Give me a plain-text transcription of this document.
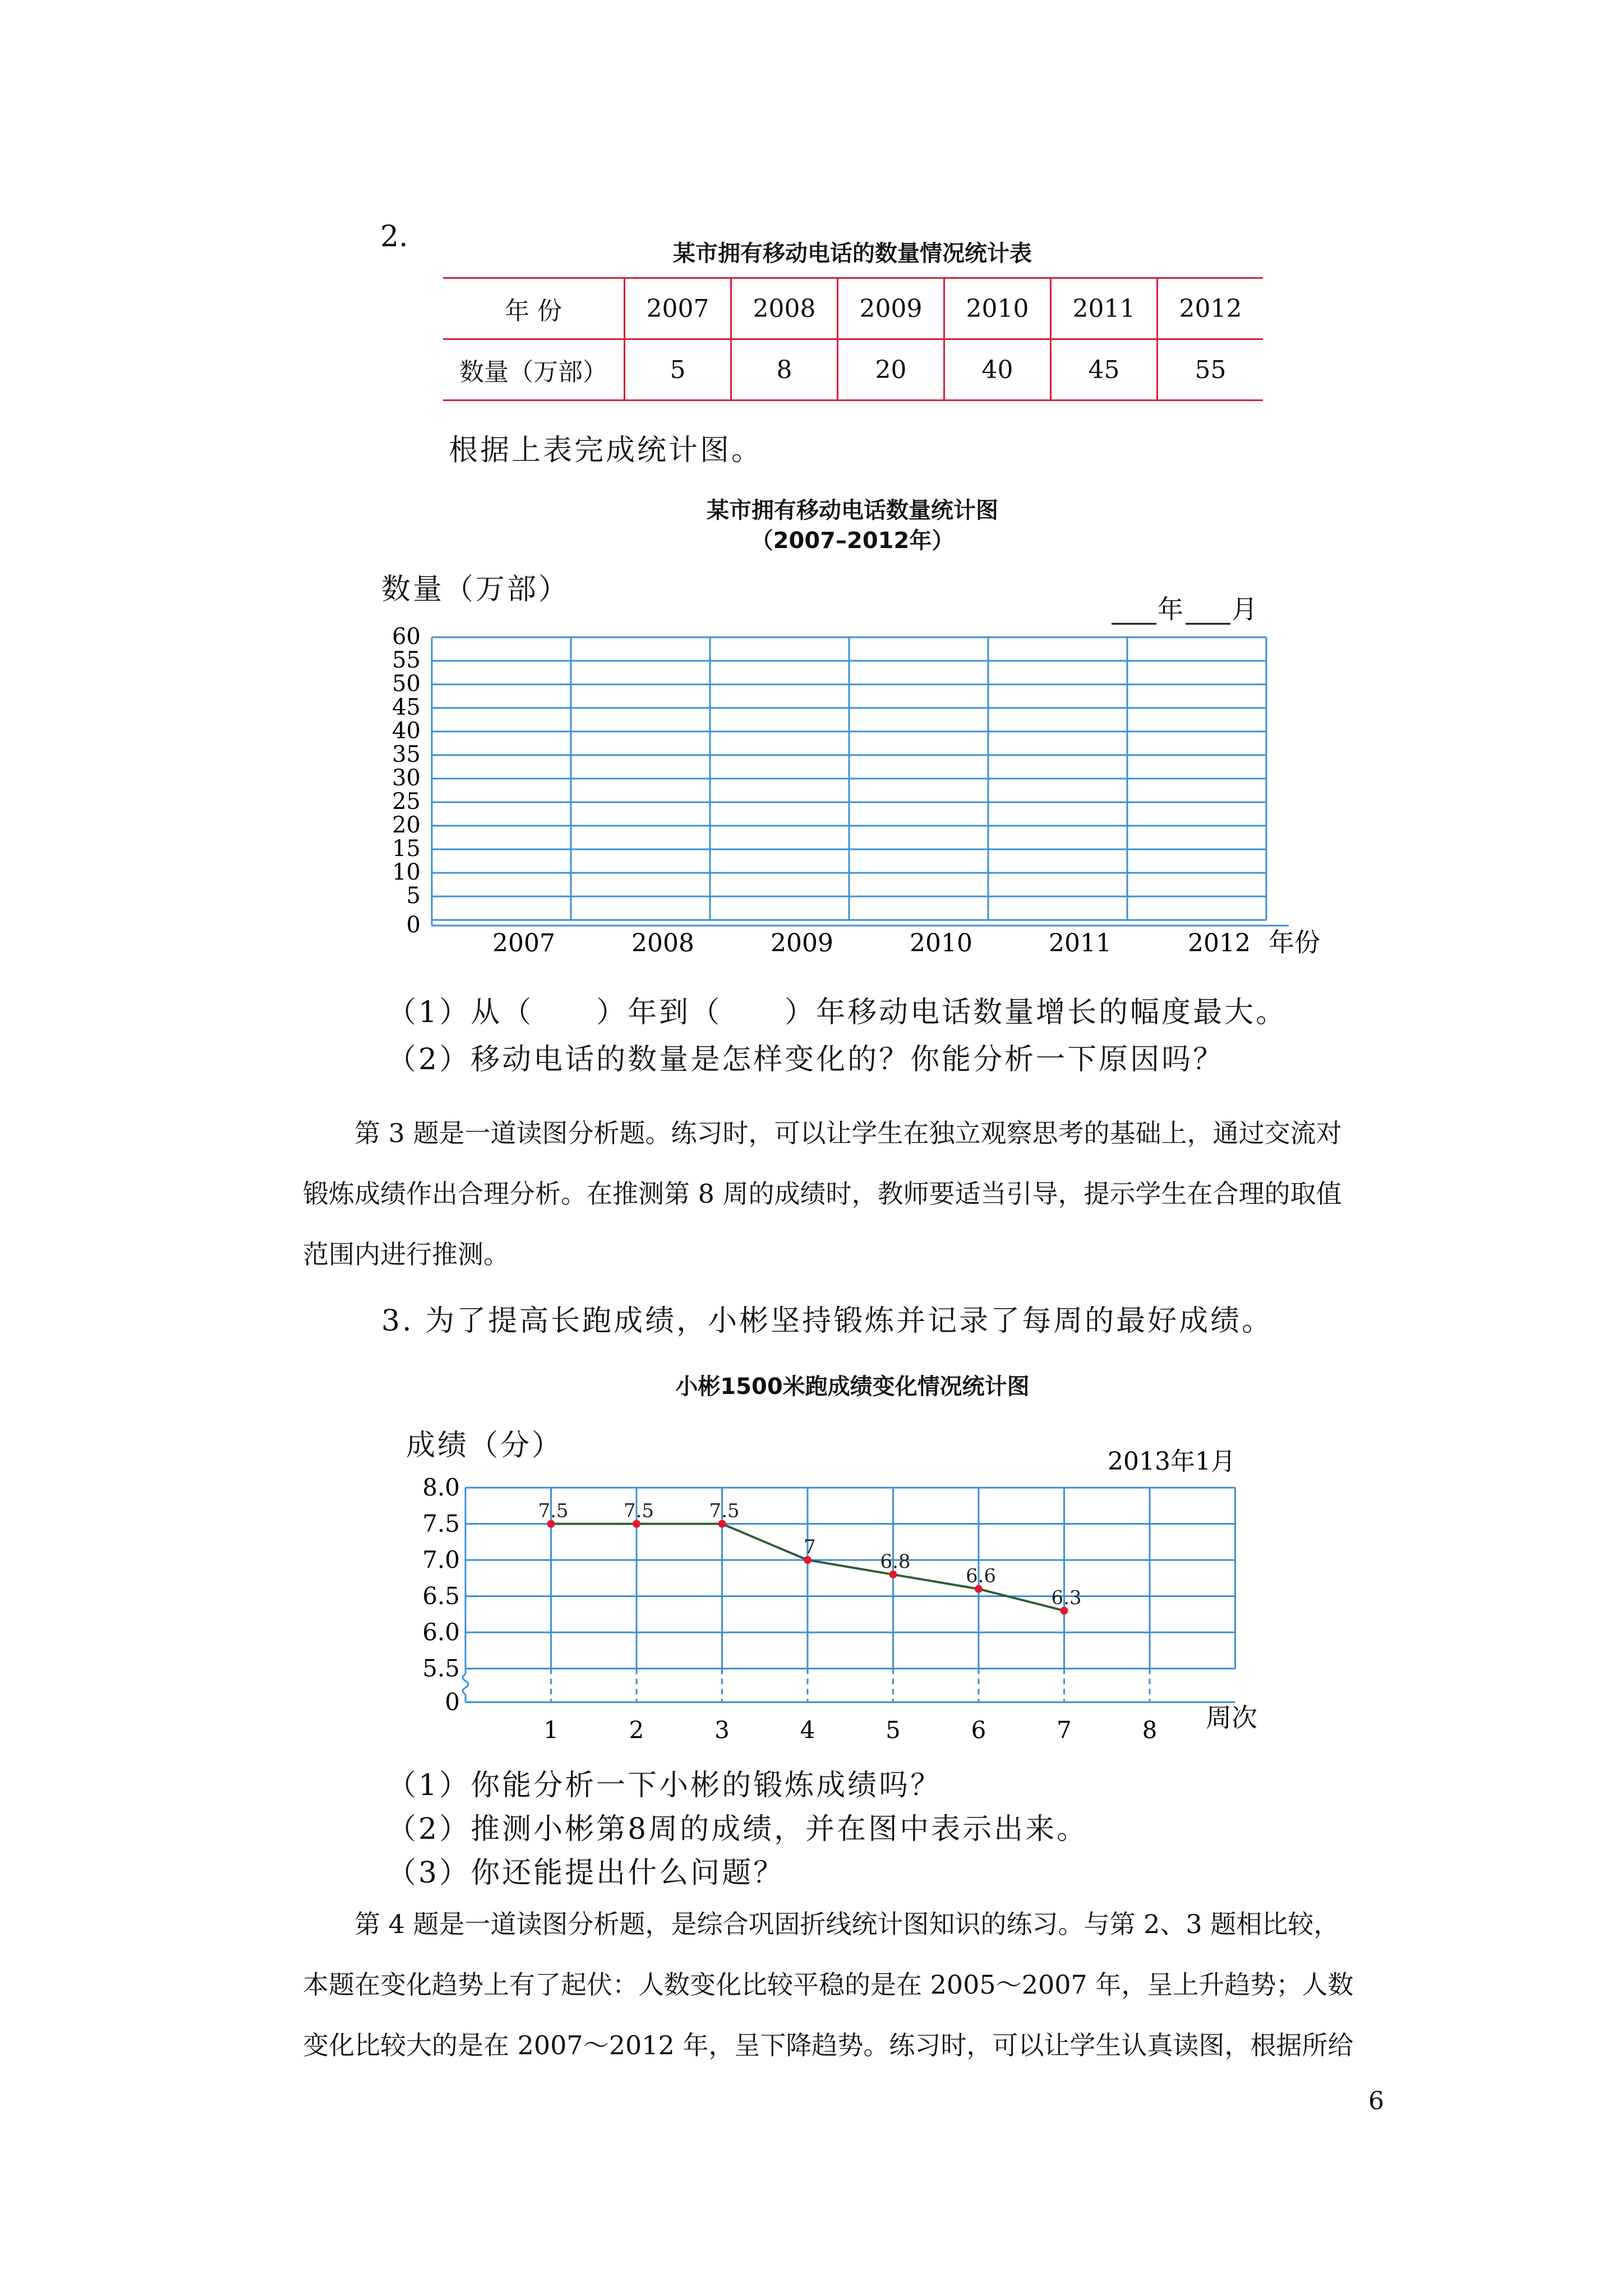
2.	某市拥有移动电话的数量情况统计表
年 份	2007	2008	2009	2010	2011	2012
数量（万部）	5	8	20	40	45	55
根据上表完成统计图。
某市拥有移动电话数量统计图
（2007–2012年）
数量（万部）
年 月
0
5
10
15
20
25
30
35
40
45
50
55
60
2007	2008	2009	2010	2011	2012 年份
（1）从（　　）年到（　　）年移动电话数量增长的幅度最大。
（2）移动电话的数量是怎样变化的？你能分析一下原因吗？
第 3 题是一道读图分析题。练习时，可以让学生在独立观察思考的基础上，通过交流对
锻炼成绩作出合理分析。在推测第 8 周的成绩时，教师要适当引导，提示学生在合理的取值
范围内进行推测。
3. 为了提高长跑成绩，小彬坚持锻炼并记录了每周的最好成绩。
小彬1500米跑成绩变化情况统计图
成绩（分）	2013年1月
0
5.5
6.0
6.5
7.0
7.5
8.0
1	2	3	4	5	6	7	8
7.5	7.5	7.5
7
6.8
6.6
6.3
周次
（1）你能分析一下小彬的锻炼成绩吗？
（2）推测小彬第8周的成绩，并在图中表示出来。
（3）你还能提出什么问题？
第 4 题是一道读图分析题，是综合巩固折线统计图知识的练习。与第 2、3 题相比较，
本题在变化趋势上有了起伏：人数变化比较平稳的是在 2005～2007 年，呈上升趋势；人数
变化比较大的是在 2007～2012 年，呈下降趋势。练习时，可以让学生认真读图，根据所给
6
